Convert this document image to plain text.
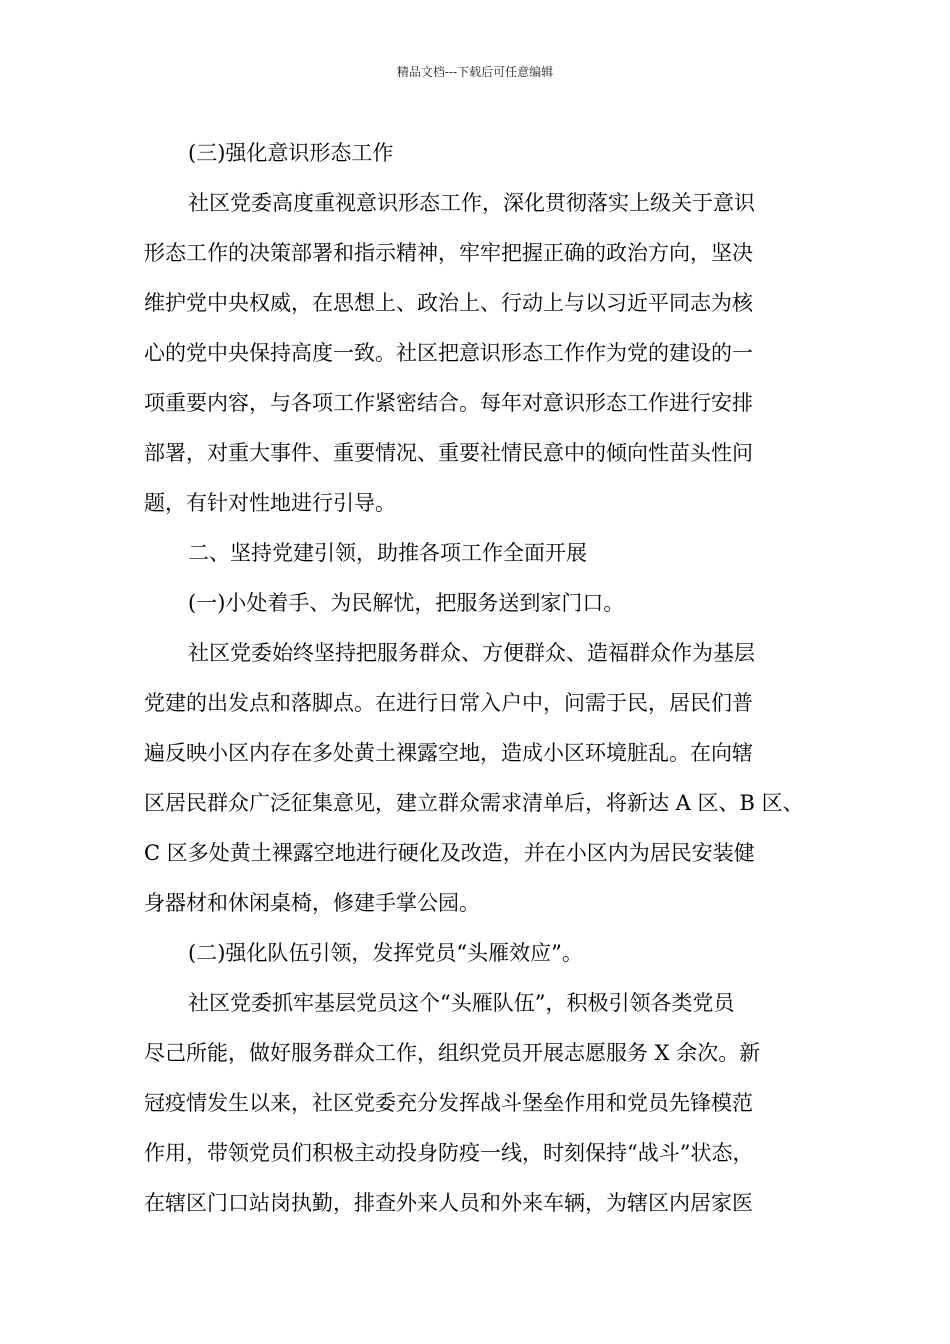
精品文档---下载后可任意编辑
(三)强化意识形态工作
社区党委高度重视意识形态工作，深化贯彻落实上级关于意识
形态工作的决策部署和指示精神，牢牢把握正确的政治方向，坚决
维护党中央权威，在思想上、政治上、行动上与以习近平同志为核
心的党中央保持高度一致。社区把意识形态工作作为党的建设的一
项重要内容，与各项工作紧密结合。每年对意识形态工作进行安排
部署，对重大事件、重要情况、重要社情民意中的倾向性苗头性问
题，有针对性地进行引导。
二、坚持党建引领，助推各项工作全面开展
(一)小处着手、为民解忧，把服务送到家门口。
社区党委始终坚持把服务群众、方便群众、造福群众作为基层
党建的出发点和落脚点。在进行日常入户中，问需于民，居民们普
遍反映小区内存在多处黄土裸露空地，造成小区环境脏乱。在向辖
区居民群众广泛征集意见，建立群众需求清单后，将新达 A 区、B 区、
C 区多处黄土裸露空地进行硬化及改造，并在小区内为居民安装健
身器材和休闲桌椅，修建手掌公园。
(二)强化队伍引领，发挥党员“头雁效应”。
社区党委抓牢基层党员这个“头雁队伍”，积极引领各类党员
尽己所能，做好服务群众工作，组织党员开展志愿服务 X 余次。新
冠疫情发生以来，社区党委充分发挥战斗堡垒作用和党员先锋模范
作用，带领党员们积极主动投身防疫一线，时刻保持“战斗”状态，
在辖区门口站岗执勤，排查外来人员和外来车辆，为辖区内居家医
